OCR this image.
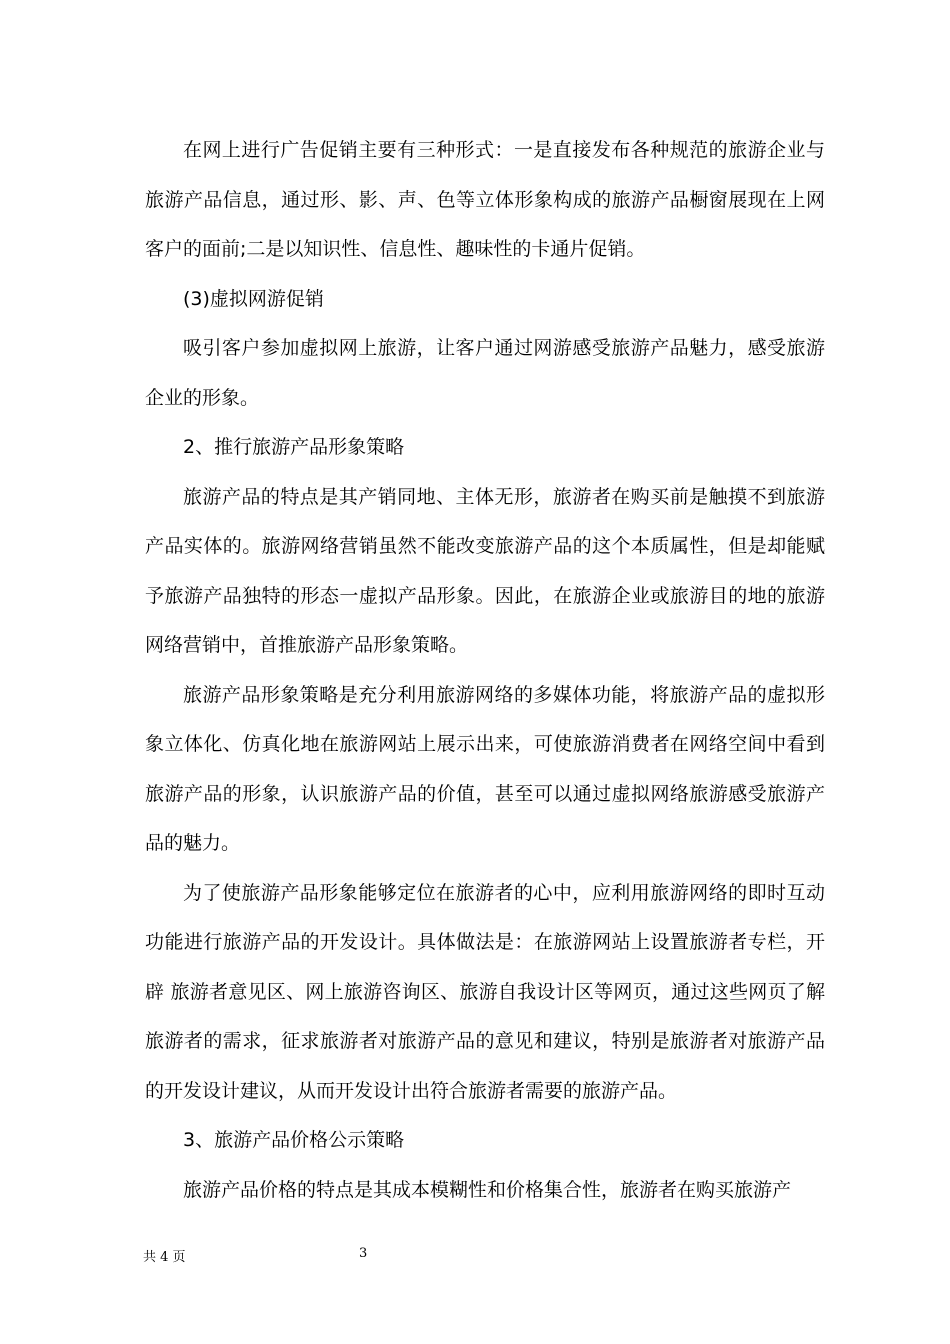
在网上进行广告促销主要有三种形式：一是直接发布各种规范的旅游企业与旅游产品信息，通过形、影、声、色等立体形象构成的旅游产品橱窗展现在上网客户的面前;二是以知识性、信息性、趣味性的卡通片促销。

(3)虚拟网游促销

吸引客户参加虚拟网上旅游，让客户通过网游感受旅游产品魅力，感受旅游企业的形象。

2、推行旅游产品形象策略

旅游产品的特点是其产销同地、主体无形，旅游者在购买前是触摸不到旅游产品实体的。旅游网络营销虽然不能改变旅游产品的这个本质属性，但是却能赋予旅游产品独特的形态一虚拟产品形象。因此，在旅游企业或旅游目的地的旅游网络营销中，首推旅游产品形象策略。

旅游产品形象策略是充分利用旅游网络的多媒体功能，将旅游产品的虚拟形象立体化、仿真化地在旅游网站上展示出来，可使旅游消费者在网络空间中看到旅游产品的形象，认识旅游产品的价值，甚至可以通过虚拟网络旅游感受旅游产品的魅力。

为了使旅游产品形象能够定位在旅游者的心中，应利用旅游网络的即时互动功能进行旅游产品的开发设计。具体做法是：在旅游网站上设置旅游者专栏，开辟 旅游者意见区、网上旅游咨询区、旅游自我设计区等网页，通过这些网页了解旅游者的需求，征求旅游者对旅游产品的意见和建议，特别是旅游者对旅游产品的开发设计建议，从而开发设计出符合旅游者需要的旅游产品。

3、旅游产品价格公示策略

旅游产品价格的特点是其成本模糊性和价格集合性，旅游者在购买旅游产

共 4 页	3
